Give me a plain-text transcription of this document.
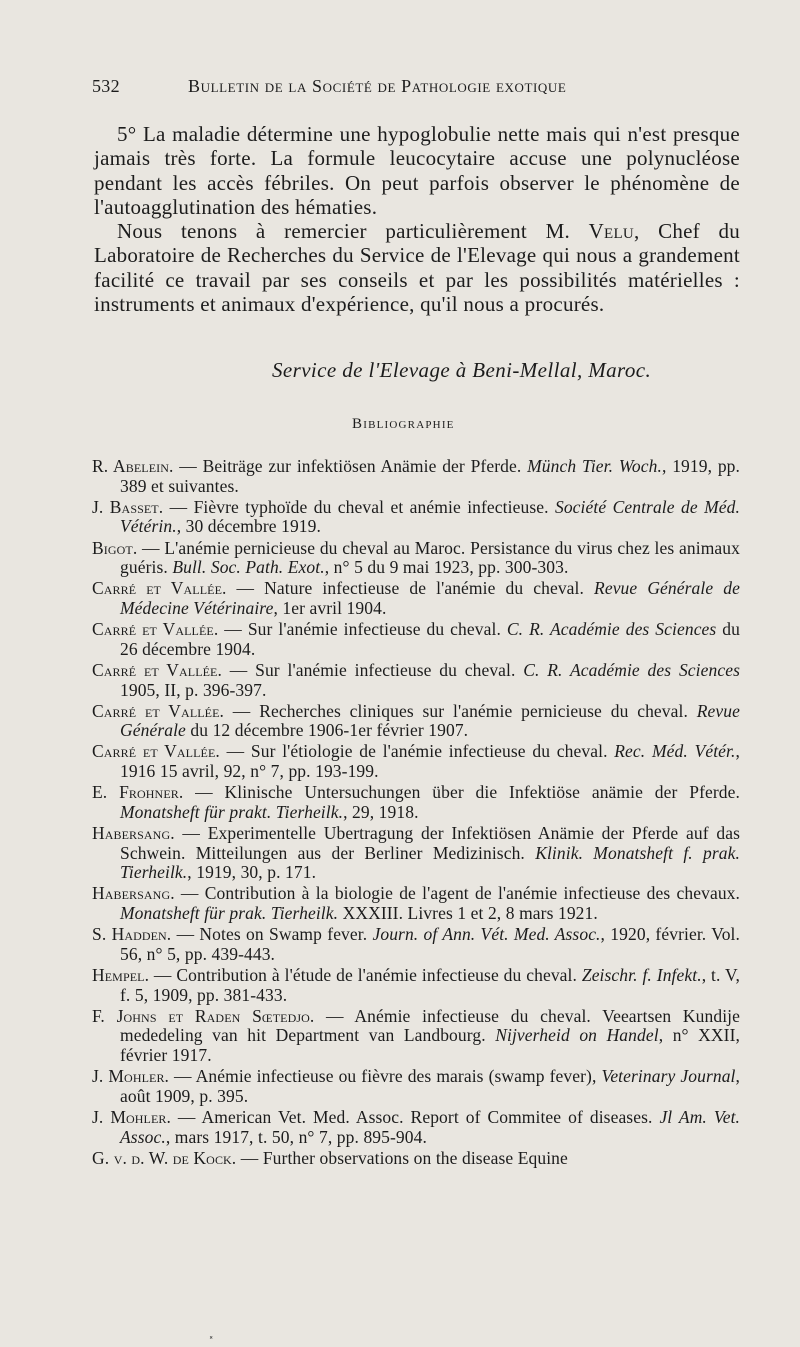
532	Bulletin de la Société de Pathologie exotique

5° La maladie détermine une hypoglobulie nette mais qui n'est presque jamais très forte. La formule leucocytaire accuse une polynucléose pendant les accès fébriles. On peut parfois observer le phénomène de l'autoagglutination des hématies.

Nous tenons à remercier particulièrement M. Velu, Chef du Laboratoire de Recherches du Service de l'Elevage qui nous a grandement facilité ce travail par ses conseils et par les possibilités matérielles : instruments et animaux d'expérience, qu'il nous a procurés.

Service de l'Elevage à Beni-Mellal, Maroc.
Bibliographie

R. Abelein. — Beiträge zur infektiösen Anämie der Pferde. Münch Tier. Woch., 1919, pp. 389 et suivantes.

J. Basset. — Fièvre typhoïde du cheval et anémie infectieuse. Société Centrale de Méd. Vétérin., 30 décembre 1919.

Bigot. — L'anémie pernicieuse du cheval au Maroc. Persistance du virus chez les animaux guéris. Bull. Soc. Path. Exot., n° 5 du 9 mai 1923, pp. 300-303.

Carré et Vallée. — Nature infectieuse de l'anémie du cheval. Revue Générale de Médecine Vétérinaire, 1er avril 1904.

Carré et Vallée. — Sur l'anémie infectieuse du cheval. C. R. Académie des Sciences du 26 décembre 1904.

Carré et Vallée. — Sur l'anémie infectieuse du cheval. C. R. Académie des Sciences 1905, II, p. 396-397.

Carré et Vallée. — Recherches cliniques sur l'anémie pernicieuse du cheval. Revue Générale du 12 décembre 1906-1er février 1907.

Carré et Vallée. — Sur l'étiologie de l'anémie infectieuse du cheval. Rec. Méd. Vétér., 1916 15 avril, 92, n° 7, pp. 193-199.

E. Frohner. — Klinische Untersuchungen über die Infektiöse anämie der Pferde. Monatsheft für prakt. Tierheilk., 29, 1918.

Habersang. — Experimentelle Ubertragung der Infektiösen Anämie der Pferde auf das Schwein. Mitteilungen aus der Berliner Medizinisch. Klinik. Monatsheft f. prak. Tierheilk., 1919, 30, p. 171.

Habersang. — Contribution à la biologie de l'agent de l'anémie infectieuse des chevaux. Monatsheft für prak. Tierheilk. XXXIII. Livres 1 et 2, 8 mars 1921.

S. Hadden. — Notes on Swamp fever. Journ. of Ann. Vét. Med. Assoc., 1920, février. Vol. 56, n° 5, pp. 439-443.

Hempel. — Contribution à l'étude de l'anémie infectieuse du cheval. Zeischr. f. Infekt., t. V, f. 5, 1909, pp. 381-433.

F. Johns et Raden Sœtedjo. — Anémie infectieuse du cheval. Veeartsen Kundije mededeling van hit Department van Landbourg. Nijverheid on Handel, n° XXII, février 1917.

J. Mohler. — Anémie infectieuse ou fièvre des marais (swamp fever), Veterinary Journal, août 1909, p. 395.

J. Mohler. — American Vet. Med. Assoc. Report of Commitee of diseases. Jl Am. Vet. Assoc., mars 1917, t. 50, n° 7, pp. 895-904.

G. v. d. W. de Kock. — Further observations on the disease Equine

⸼
